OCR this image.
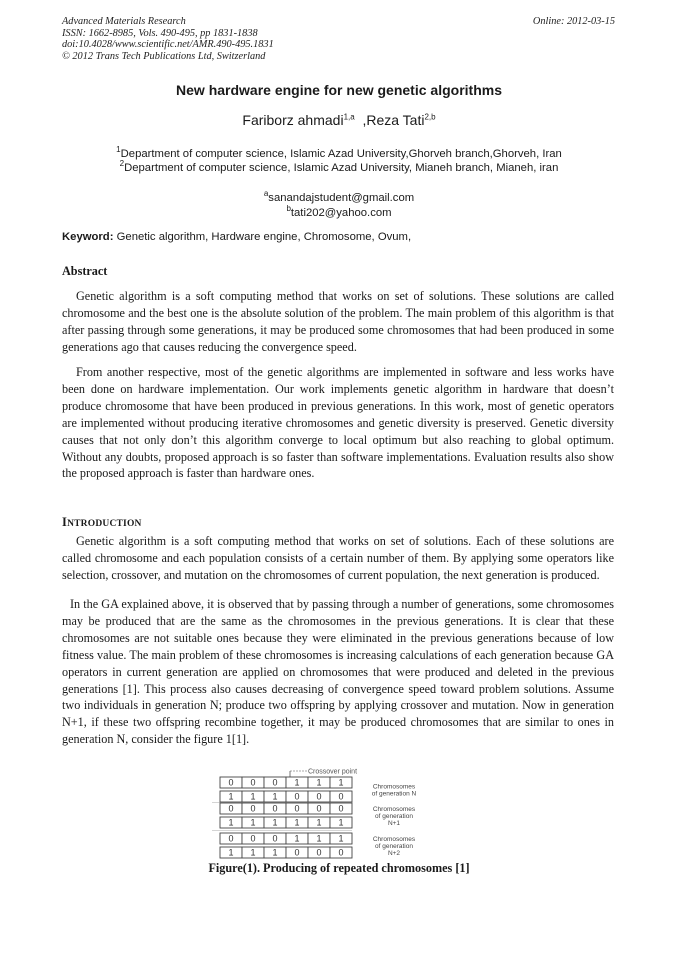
Advanced Materials Research
ISSN: 1662-8985, Vols. 490-495, pp 1831-1838
doi:10.4028/www.scientific.net/AMR.490-495.1831
© 2012 Trans Tech Publications Ltd, Switzerland
Online: 2012-03-15
New hardware engine for new genetic algorithms
Fariborz ahmadi$^{1,a}$ ,Reza Tati$^{2,b}$
$^1$Department of computer science, Islamic Azad University,Ghorveh branch,Ghorveh, Iran
$^2$Department of computer science, Islamic Azad University, Mianeh branch, Mianeh, iran
$^a$sanandajstudent@gmail.com
$^b$tati202@yahoo.com
Keyword: Genetic algorithm, Hardware engine, Chromosome, Ovum,
Abstract

Genetic algorithm is a soft computing method that works on set of solutions. These solutions are called chromosome and the best one is the absolute solution of the problem. The main problem of this algorithm is that after passing through some generations, it may be produced some chromosomes that had been produced in some generations ago that causes reducing the convergence speed.

From another respective, most of the genetic algorithms are implemented in software and less works have been done on hardware implementation. Our work implements genetic algorithm in hardware that doesn’t produce chromosome that have been produced in previous generations. In this work, most of genetic operators are implemented without producing iterative chromosomes and genetic diversity is preserved. Genetic diversity causes that not only don’t this algorithm converge to local optimum but also reaching to global optimum. Without any doubts, proposed approach is so faster than software implementations. Evaluation results also show the proposed approach is faster than hardware ones.

INTRODUCTION

Genetic algorithm is a soft computing method that works on set of solutions. Each of these solutions are called chromosome and each population consists of a certain number of them. By applying some operators like selection, crossover, and mutation on the chromosomes of current population, the next generation is produced.

In the GA explained above, it is observed that by passing through a number of generations, some chromosomes may be produced that are the same as the chromosomes in the previous generations. It is clear that these chromosomes are not suitable ones because they were eliminated in the previous generations because of low fitness value. The main problem of these chromosomes is increasing calculations of each generation because GA operators in current generation are applied on chromosomes that were produced and deleted in the previous generations [1]. This process also causes decreasing of convergence speed toward problem solutions. Assume two individuals in generation N; produce two offspring by applying crossover and mutation. Now in generation N+1, if these two offspring recombine together, it may be produced chromosomes that are similar to ones in generation N, consider the figure 1[1].

Crossover point
0 0 0 1 1 1
1 1 1 0 0 0
0 0 0 0 0 0
1 1 1 1 1 1
0 0 0 1 1 1
1 1 1 0 0 0
Chromosomes
of generation N
Chromosomes
of generation
N+1
Chromosomes
of generation
N+2
Figure(1). Producing of repeated chromosomes [1]
